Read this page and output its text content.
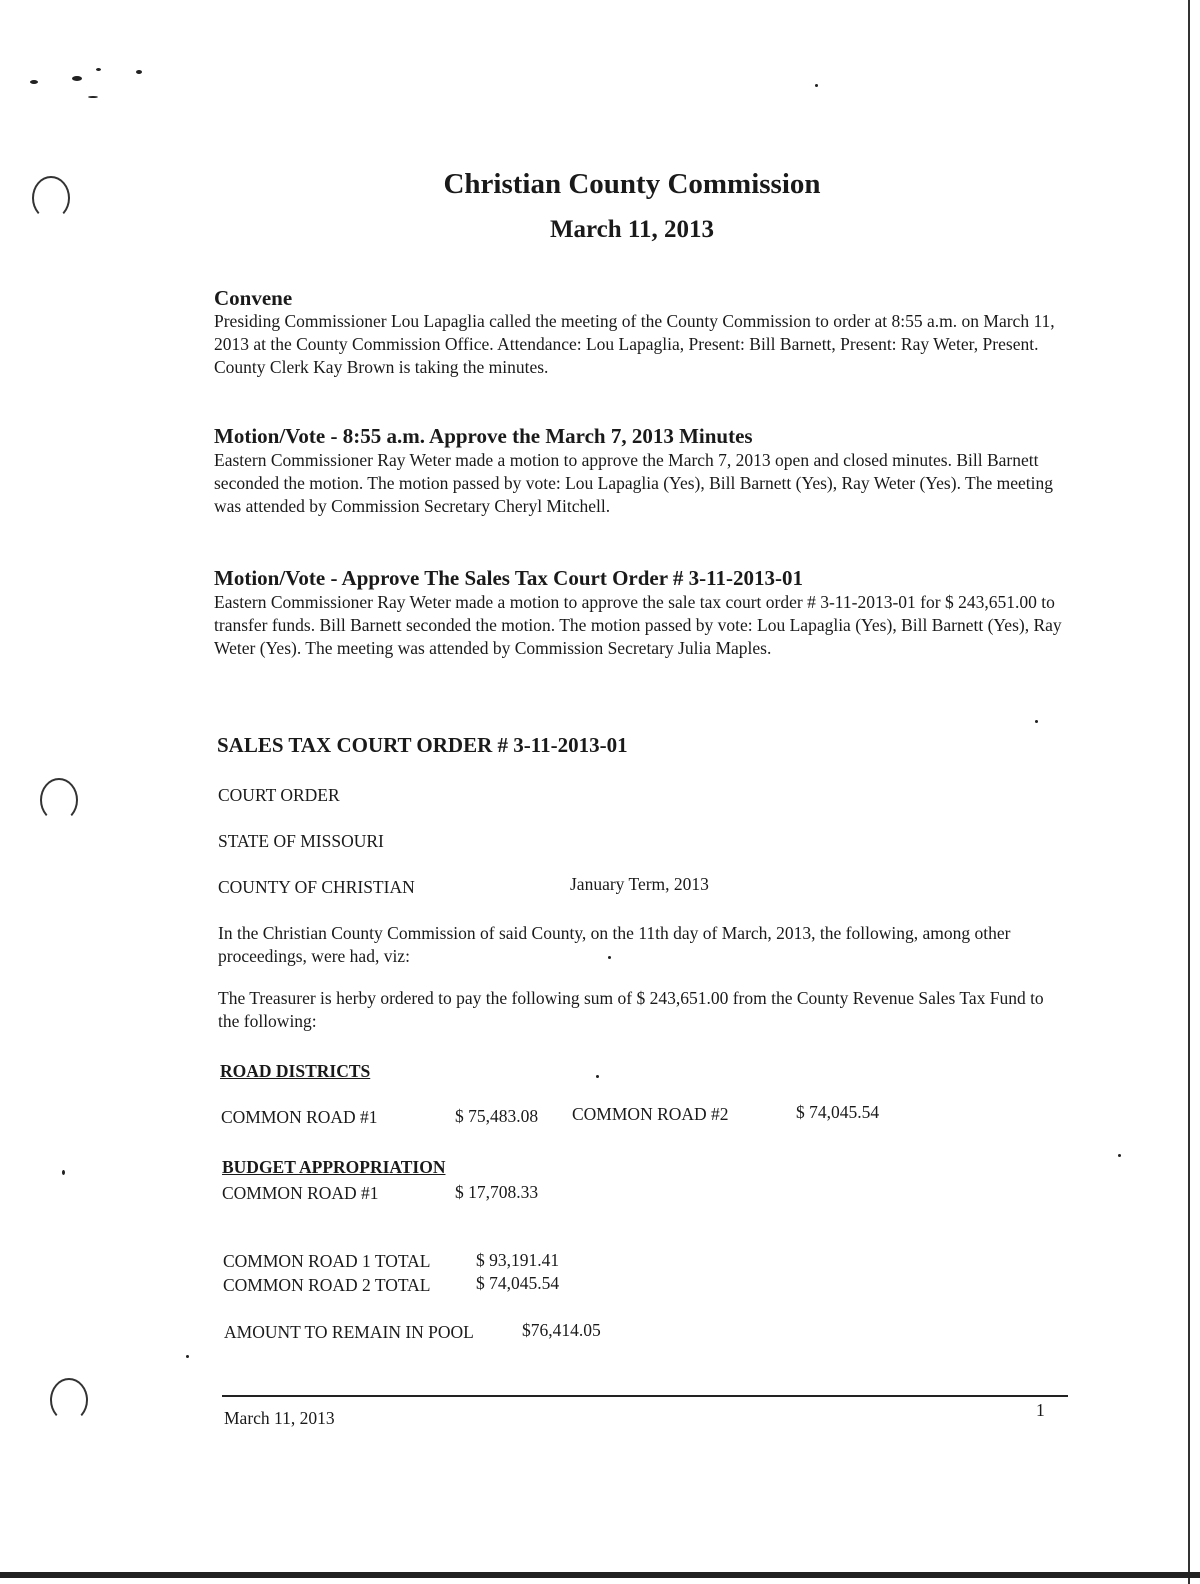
Christian County Commission
March 11, 2013
Convene
Presiding Commissioner Lou Lapaglia called the meeting of the County Commission to order at 8:55 a.m. on March 11, 2013 at the County Commission Office. Attendance: Lou Lapaglia, Present: Bill Barnett, Present: Ray Weter, Present. County Clerk Kay Brown is taking the minutes.
Motion/Vote - 8:55 a.m. Approve the March 7, 2013 Minutes
Eastern Commissioner Ray Weter made a motion to approve the March 7, 2013 open and closed minutes. Bill Barnett seconded the motion. The motion passed by vote: Lou Lapaglia (Yes), Bill Barnett (Yes), Ray Weter (Yes). The meeting was attended by Commission Secretary Cheryl Mitchell.
Motion/Vote - Approve The Sales Tax Court Order # 3-11-2013-01
Eastern Commissioner Ray Weter made a motion to approve the sale tax court order # 3-11-2013-01 for $ 243,651.00 to transfer funds. Bill Barnett seconded the motion. The motion passed by vote: Lou Lapaglia (Yes), Bill Barnett (Yes), Ray Weter (Yes). The meeting was attended by Commission Secretary Julia Maples.
SALES TAX COURT ORDER # 3-11-2013-01
COURT ORDER
STATE OF MISSOURI
COUNTY OF CHRISTIAN	January Term, 2013
In the Christian County Commission of said County, on the 11th day of March, 2013, the following, among other proceedings, were had, viz:
The Treasurer is herby ordered to pay the following sum of $ 243,651.00 from the County Revenue Sales Tax Fund to the following:
ROAD DISTRICTS
COMMON ROAD #1	$ 75,483.08 COMMON ROAD #2	$ 74,045.54
BUDGET APPROPRIATION
COMMON ROAD #1	$ 17,708.33
COMMON ROAD 1 TOTAL	$ 93,191.41
COMMON ROAD 2 TOTAL	$ 74,045.54
AMOUNT TO REMAIN IN POOL	$76,414.05
March 11, 2013	1
